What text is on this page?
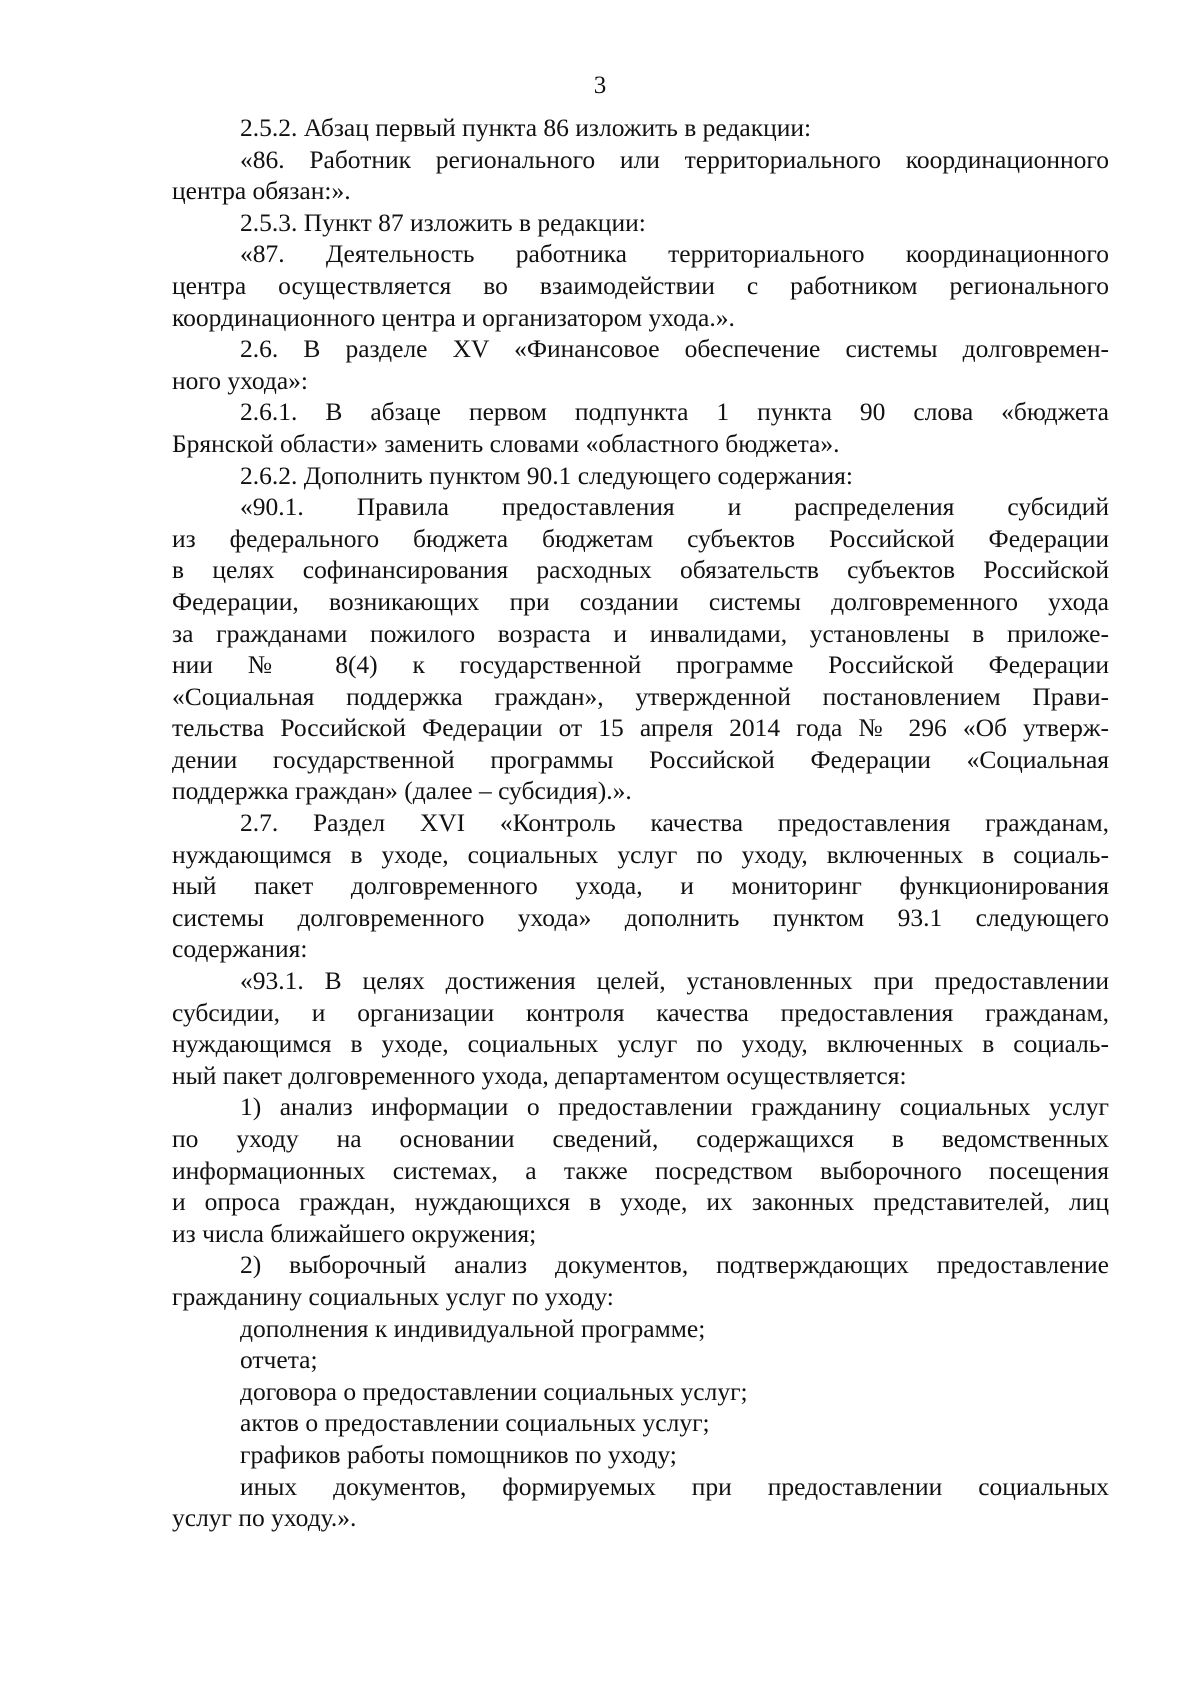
3
2.5.2. Абзац первый пункта 86 изложить в редакции:
«86. Работник регионального или территориального координационного
центра обязан:».
2.5.3. Пункт 87 изложить в редакции:
«87. Деятельность работника территориального координационного
центра осуществляется во взаимодействии с работником регионального
координационного центра и организатором ухода.».
2.6. В разделе XV «Финансовое обеспечение системы долговремен-
ного ухода»:
2.6.1. В абзаце первом подпункта 1 пункта 90 слова «бюджета
Брянской области» заменить словами «областного бюджета».
2.6.2. Дополнить пунктом 90.1 следующего содержания:
«90.1. Правила предоставления и распределения субсидий
из федерального бюджета бюджетам субъектов Российской Федерации
в целях софинансирования расходных обязательств субъектов Российской
Федерации, возникающих при создании системы долговременного ухода
за гражданами пожилого возраста и инвалидами, установлены в приложе-
нии № 8(4) к государственной программе Российской Федерации
«Социальная поддержка граждан», утвержденной постановлением Прави-
тельства Российской Федерации от 15 апреля 2014 года № 296 «Об утверж-
дении государственной программы Российской Федерации «Социальная
поддержка граждан» (далее – субсидия).».
2.7. Раздел XVI «Контроль качества предоставления гражданам,
нуждающимся в уходе, социальных услуг по уходу, включенных в социаль-
ный пакет долговременного ухода, и мониторинг функционирования
системы долговременного ухода» дополнить пунктом 93.1 следующего
содержания:
«93.1. В целях достижения целей, установленных при предоставлении
субсидии, и организации контроля качества предоставления гражданам,
нуждающимся в уходе, социальных услуг по уходу, включенных в социаль-
ный пакет долговременного ухода, департаментом осуществляется:
1) анализ информации о предоставлении гражданину социальных услуг
по уходу на основании сведений, содержащихся в ведомственных
информационных системах, а также посредством выборочного посещения
и опроса граждан, нуждающихся в уходе, их законных представителей, лиц
из числа ближайшего окружения;
2) выборочный анализ документов, подтверждающих предоставление
гражданину социальных услуг по уходу:
дополнения к индивидуальной программе;
отчета;
договора о предоставлении социальных услуг;
актов о предоставлении социальных услуг;
графиков работы помощников по уходу;
иных документов, формируемых при предоставлении социальных
услуг по уходу.».
